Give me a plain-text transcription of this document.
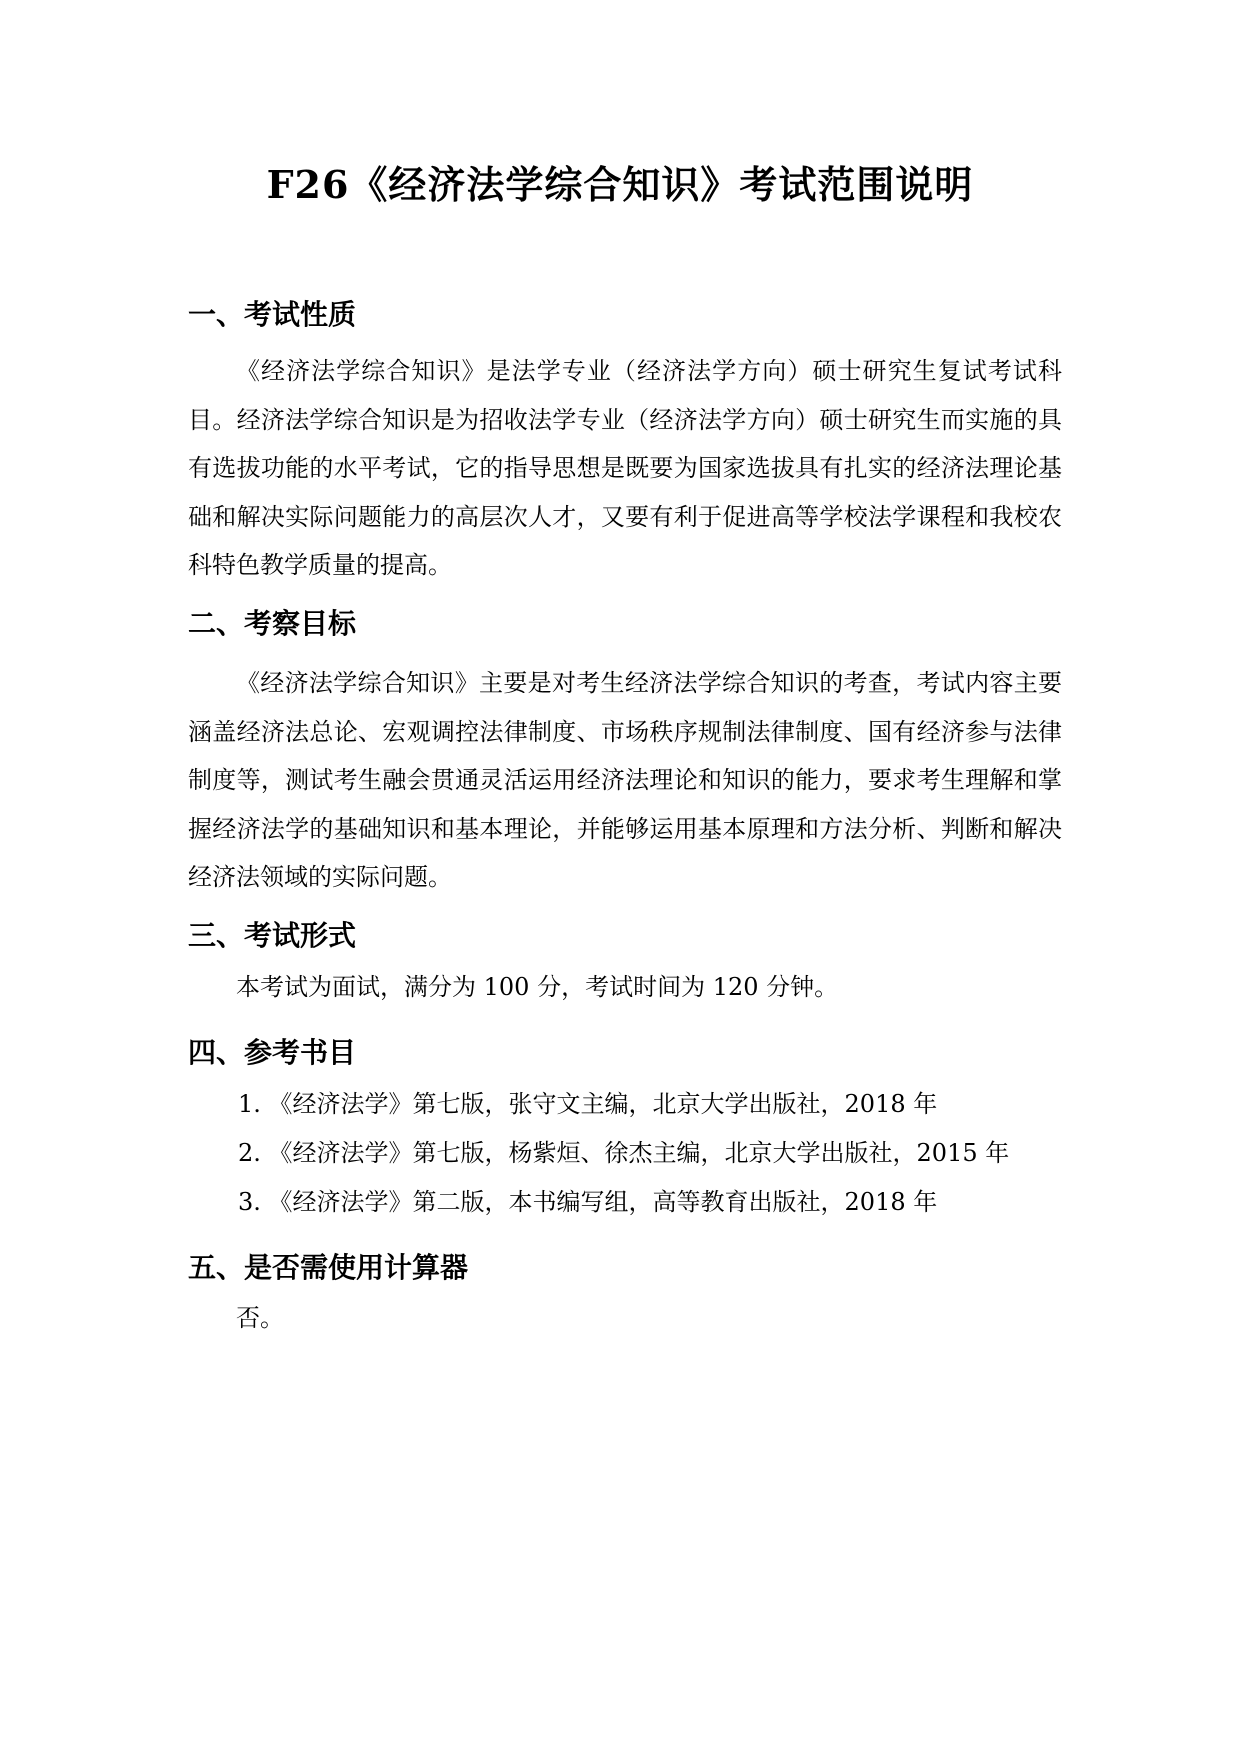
F26《经济法学综合知识》考试范围说明
一、考试性质
《经济法学综合知识》是法学专业（经济法学方向）硕士研究生复试考试科目。经济法学综合知识是为招收法学专业（经济法学方向）硕士研究生而实施的具有选拔功能的水平考试，它的指导思想是既要为国家选拔具有扎实的经济法理论基础和解决实际问题能力的高层次人才，又要有利于促进高等学校法学课程和我校农科特色教学质量的提高。
二、考察目标
《经济法学综合知识》主要是对考生经济法学综合知识的考查，考试内容主要涵盖经济法总论、宏观调控法律制度、市场秩序规制法律制度、国有经济参与法律制度等，测试考生融会贯通灵活运用经济法理论和知识的能力，要求考生理解和掌握经济法学的基础知识和基本理论，并能够运用基本原理和方法分析、判断和解决经济法领域的实际问题。
三、考试形式
本考试为面试，满分为 100 分，考试时间为 120 分钟。
四、参考书目
1. 《经济法学》第七版，张守文主编，北京大学出版社，2018 年
2. 《经济法学》第七版，杨紫烜、徐杰主编，北京大学出版社，2015 年
3. 《经济法学》第二版，本书编写组，高等教育出版社，2018 年
五、是否需使用计算器
否。
